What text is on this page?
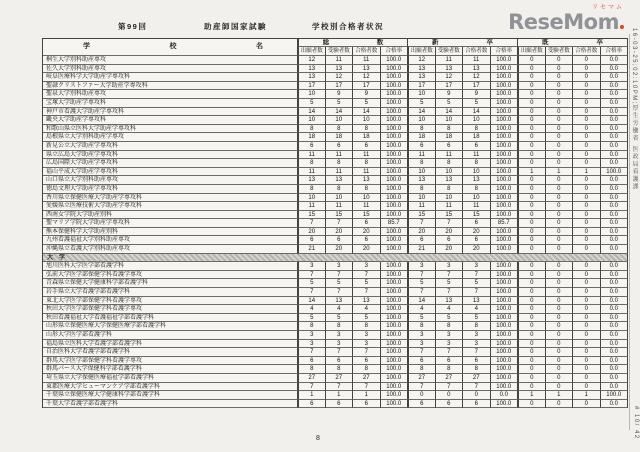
第99回	助産師国家試験	学校別合格者状況
リセマム
ReseMom
学	校	名
総	数	新	卒	既	卒
出願者数 受験者数 合格者数	合格率	出願者数 受験者数 合格者数	合格率	出願者数 受験者数 合格者数	合格率
桐生大学別科助産専攻	12	11	11	100.0	12	11	11	100.0	0	0	0	0.0
佐久大学別科助産専攻	13	13	13	100.0	13	13	13	100.0	0	0	0	0.0
岐阜医療科学大学助産学専攻科	13	12	12	100.0	13	12	12	100.0	0	0	0	0.0
聖隷クリストファー大学助産学専攻科	17	17	17	100.0	17	17	17	100.0	0	0	0	0.0
聖泉大学別科助産専攻	10	9	9	100.0	10	9	9	100.0	0	0	0	0.0
宝塚大学助産学専攻科	5	5	5	100.0	5	5	5	100.0	0	0	0	0.0
神戸市看護大学助産学専攻科	14	14	14	100.0	14	14	14	100.0	0	0	0	0.0
畿央大学助産学専攻科	10	10	10	100.0	10	10	10	100.0	0	0	0	0.0
和歌山県立医科大学助産学専攻科	8	8	8	100.0	8	8	8	100.0	0	0	0	0.0
島根県立大学別科助産学専攻	18	18	18	100.0	18	18	18	100.0	0	0	0	0.0
新見公立大学助産学専攻科	6	6	6	100.0	6	6	6	100.0	0	0	0	0.0
県立広島大学助産学専攻科	11	11	11	100.0	11	11	11	100.0	0	0	0	0.0
広島国際大学助産学専攻科	8	8	8	100.0	8	8	8	100.0	0	0	0	0.0
福山平成大学助産学専攻科	11	11	11	100.0	10	10	10	100.0	1	1	1	100.0
山口県立大学別科助産専攻	13	13	13	100.0	13	13	13	100.0	0	0	0	0.0
徳島文理大学助産学専攻科	8	8	8	100.0	8	8	8	100.0	0	0	0	0.0
香川県立保健医療大学助産学専攻科	10	10	10	100.0	10	10	10	100.0	0	0	0	0.0
愛媛県立医療技術大学助産学専攻科	11	11	11	100.0	11	11	11	100.0	0	0	0	0.0
西南女学院大学助産別科	15	15	15	100.0	15	15	15	100.0	0	0	0	0.0
聖マリア学院大学助産学専攻科	7	7	6	85.7	7	7	6	85.7	0	0	0	0.0
熊本保健科学大学助産別科	20	20	20	100.0	20	20	20	100.0	0	0	0	0.0
九州看護福祉大学別科助産専攻	6	6	6	100.0	6	6	6	100.0	0	0	0	0.0
沖縄県立看護大学別科助産専攻	21	20	20	100.0	21	20	20	100.0	0	0	0	0.0
大　学
旭川医科大学医学部看護学科	3	3	3	100.0	3	3	3	100.0	0	0	0	0.0
弘前大学医学部保健学科看護学専攻	7	7	7	100.0	7	7	7	100.0	0	0	0	0.0
青森県立保健大学健康科学部看護学科	5	5	5	100.0	5	5	5	100.0	0	0	0	0.0
岩手県立大学看護学部看護学科	7	7	7	100.0	7	7	7	100.0	0	0	0	0.0
東北大学医学部保健学科看護学専攻	14	13	13	100.0	14	13	13	100.0	0	0	0	0.0
秋田大学医学部保健学科看護学専攻	4	4	4	100.0	4	4	4	100.0	0	0	0	0.0
秋田看護福祉大学看護福祉学部看護学科	5	5	5	100.0	5	5	5	100.0	0	0	0	0.0
山形県立保健医療大学保健医療学部看護学科	8	8	8	100.0	8	8	8	100.0	0	0	0	0.0
山形大学医学部看護学科	3	3	3	100.0	3	3	3	100.0	0	0	0	0.0
福島県立医科大学看護学部看護学科	3	3	3	100.0	3	3	3	100.0	0	0	0	0.0
自治医科大学看護学部看護学科	7	7	7	100.0	7	7	7	100.0	0	0	0	0.0
群馬大学医学部保健学科看護学専攻	6	6	6	100.0	6	6	6	100.0	0	0	0	0.0
群馬パース大学保健科学部看護学科	8	8	8	100.0	8	8	8	100.0	0	0	0	0.0
埼玉県立大学保健医療福祉学部看護学科	27	27	27	100.0	27	27	27	100.0	0	0	0	0.0
東都医療大学ヒューマンケア学部看護学科	7	7	7	100.0	7	7	7	100.0	0	0	0	0.0
千葉県立保健医療大学健康科学部看護学科	1	1	1	100.0	0	0	0	0.0	1	1	1	100.0
千葉大学看護学部看護学科	6	6	6	100.0	6	6	6	100.0	0	0	0	0.0
16-03-25;02:10PM;厚生労働省 医政局看護課
# 10/ 42
8
